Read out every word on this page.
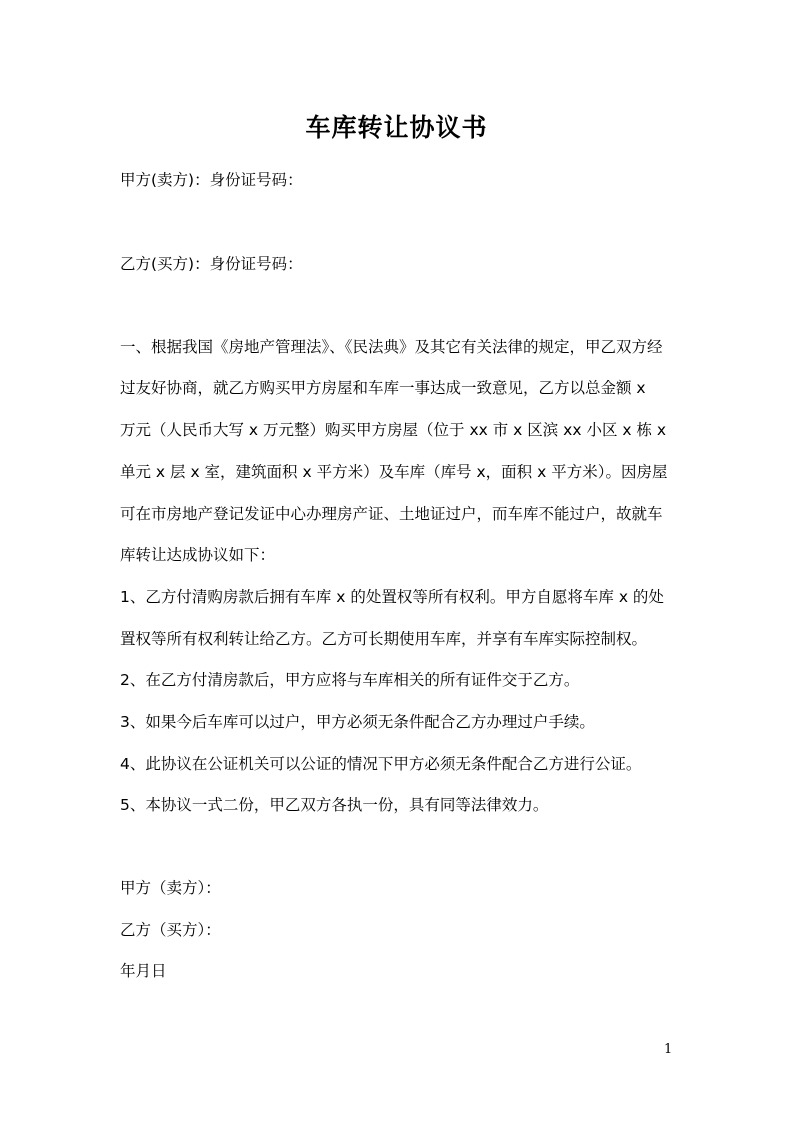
车库转让协议书
甲方(卖方)：身份证号码：
乙方(买方)：身份证号码：
一、根据我国《房地产管理法》、《民法典》及其它有关法律的规定，甲乙双方经
过友好协商，就乙方购买甲方房屋和车库一事达成一致意见，乙方以总金额 x
万元（人民币大写 x 万元整）购买甲方房屋（位于 xx 市 x 区滨 xx 小区 x 栋 x
单元 x 层 x 室，建筑面积 x 平方米）及车库（库号 x，面积 x 平方米）。因房屋
可在市房地产登记发证中心办理房产证、土地证过户，而车库不能过户，故就车
库转让达成协议如下：
1、乙方付清购房款后拥有车库 x 的处置权等所有权利。甲方自愿将车库 x 的处
置权等所有权利转让给乙方。乙方可长期使用车库，并享有车库实际控制权。
2、在乙方付清房款后，甲方应将与车库相关的所有证件交于乙方。
3、如果今后车库可以过户，甲方必须无条件配合乙方办理过户手续。
4、此协议在公证机关可以公证的情况下甲方必须无条件配合乙方进行公证。
5、本协议一式二份，甲乙双方各执一份，具有同等法律效力。
甲方（卖方）：
乙方（买方）：
年月日
1
